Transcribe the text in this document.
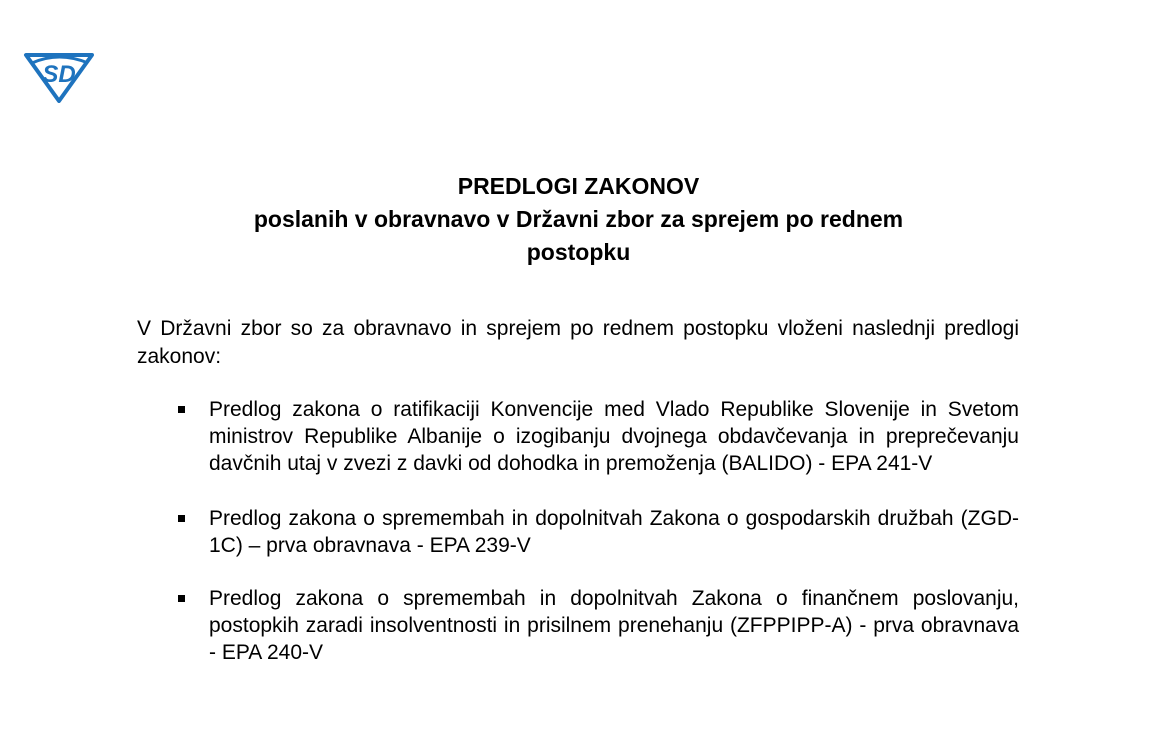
SD
PREDLOGI ZAKONOV
poslanih v obravnavo v Državni zbor za sprejem po rednem
postopku
V Državni zbor so za obravnavo in sprejem po rednem postopku vloženi naslednji predlogi zakonov:
Predlog zakona o ratifikaciji Konvencije med Vlado Republike Slovenije in Svetom ministrov Republike Albanije o izogibanju dvojnega obdavčevanja in preprečevanju davčnih utaj v zvezi z davki od dohodka in premoženja (BALIDO) - EPA 241-V
Predlog zakona o spremembah in dopolnitvah Zakona o gospodarskih družbah (ZGD-1C) – prva obravnava - EPA 239-V
Predlog zakona o spremembah in dopolnitvah Zakona o finančnem poslovanju, postopkih zaradi insolventnosti in prisilnem prenehanju (ZFPPIPP-A) - prva obravnava - EPA 240-V
